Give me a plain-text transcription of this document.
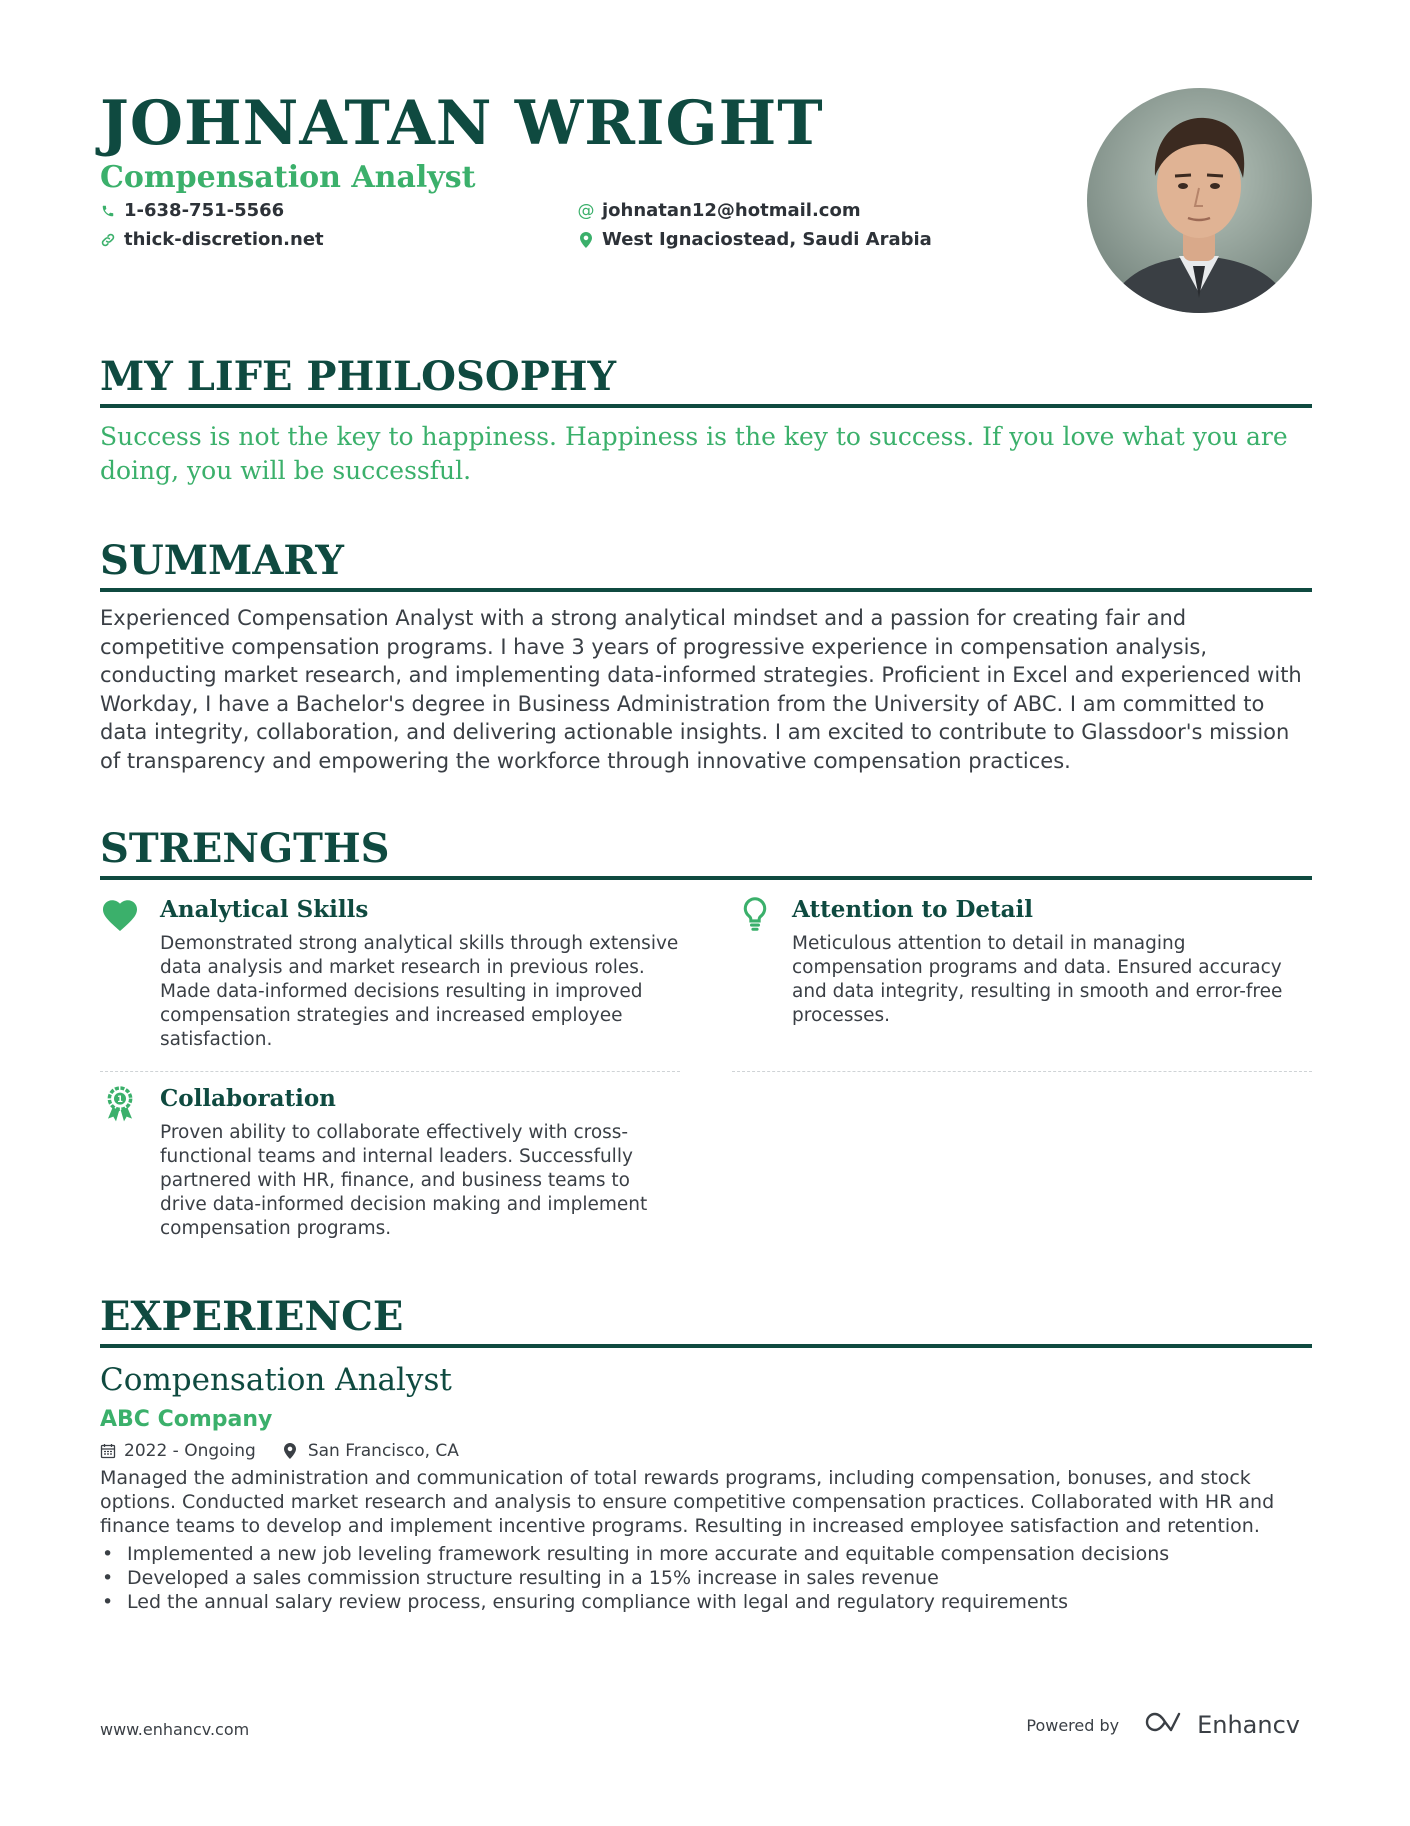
JOHNATAN WRIGHT
Compensation Analyst
1-638-751-5566	@ johnatan12@hotmail.com
thick-discretion.net	West Ignaciostead, Saudi Arabia
MY LIFE PHILOSOPHY
Success is not the key to happiness. Happiness is the key to success. If you love what you are doing, you will be successful.
SUMMARY
Experienced Compensation Analyst with a strong analytical mindset and a passion for creating fair and competitive compensation programs. I have 3 years of progressive experience in compensation analysis, conducting market research, and implementing data-informed strategies. Proficient in Excel and experienced with Workday, I have a Bachelor's degree in Business Administration from the University of ABC. I am committed to data integrity, collaboration, and delivering actionable insights. I am excited to contribute to Glassdoor's mission of transparency and empowering the workforce through innovative compensation practices.
STRENGTHS
Analytical Skills
Demonstrated strong analytical skills through extensive data analysis and market research in previous roles. Made data-informed decisions resulting in improved compensation strategies and increased employee satisfaction.
Attention to Detail
Meticulous attention to detail in managing compensation programs and data. Ensured accuracy and data integrity, resulting in smooth and error-free processes.
1 Collaboration
Proven ability to collaborate effectively with cross-functional teams and internal leaders. Successfully partnered with HR, finance, and business teams to drive data-informed decision making and implement compensation programs.
EXPERIENCE
Compensation Analyst
ABC Company
2022 - Ongoing	San Francisco, CA
Managed the administration and communication of total rewards programs, including compensation, bonuses, and stock options. Conducted market research and analysis to ensure competitive compensation practices. Collaborated with HR and finance teams to develop and implement incentive programs. Resulting in increased employee satisfaction and retention.
• Implemented a new job leveling framework resulting in more accurate and equitable compensation decisions
• Developed a sales commission structure resulting in a 15% increase in sales revenue
• Led the annual salary review process, ensuring compliance with legal and regulatory requirements
www.enhancv.com	Powered by	Enhancv
